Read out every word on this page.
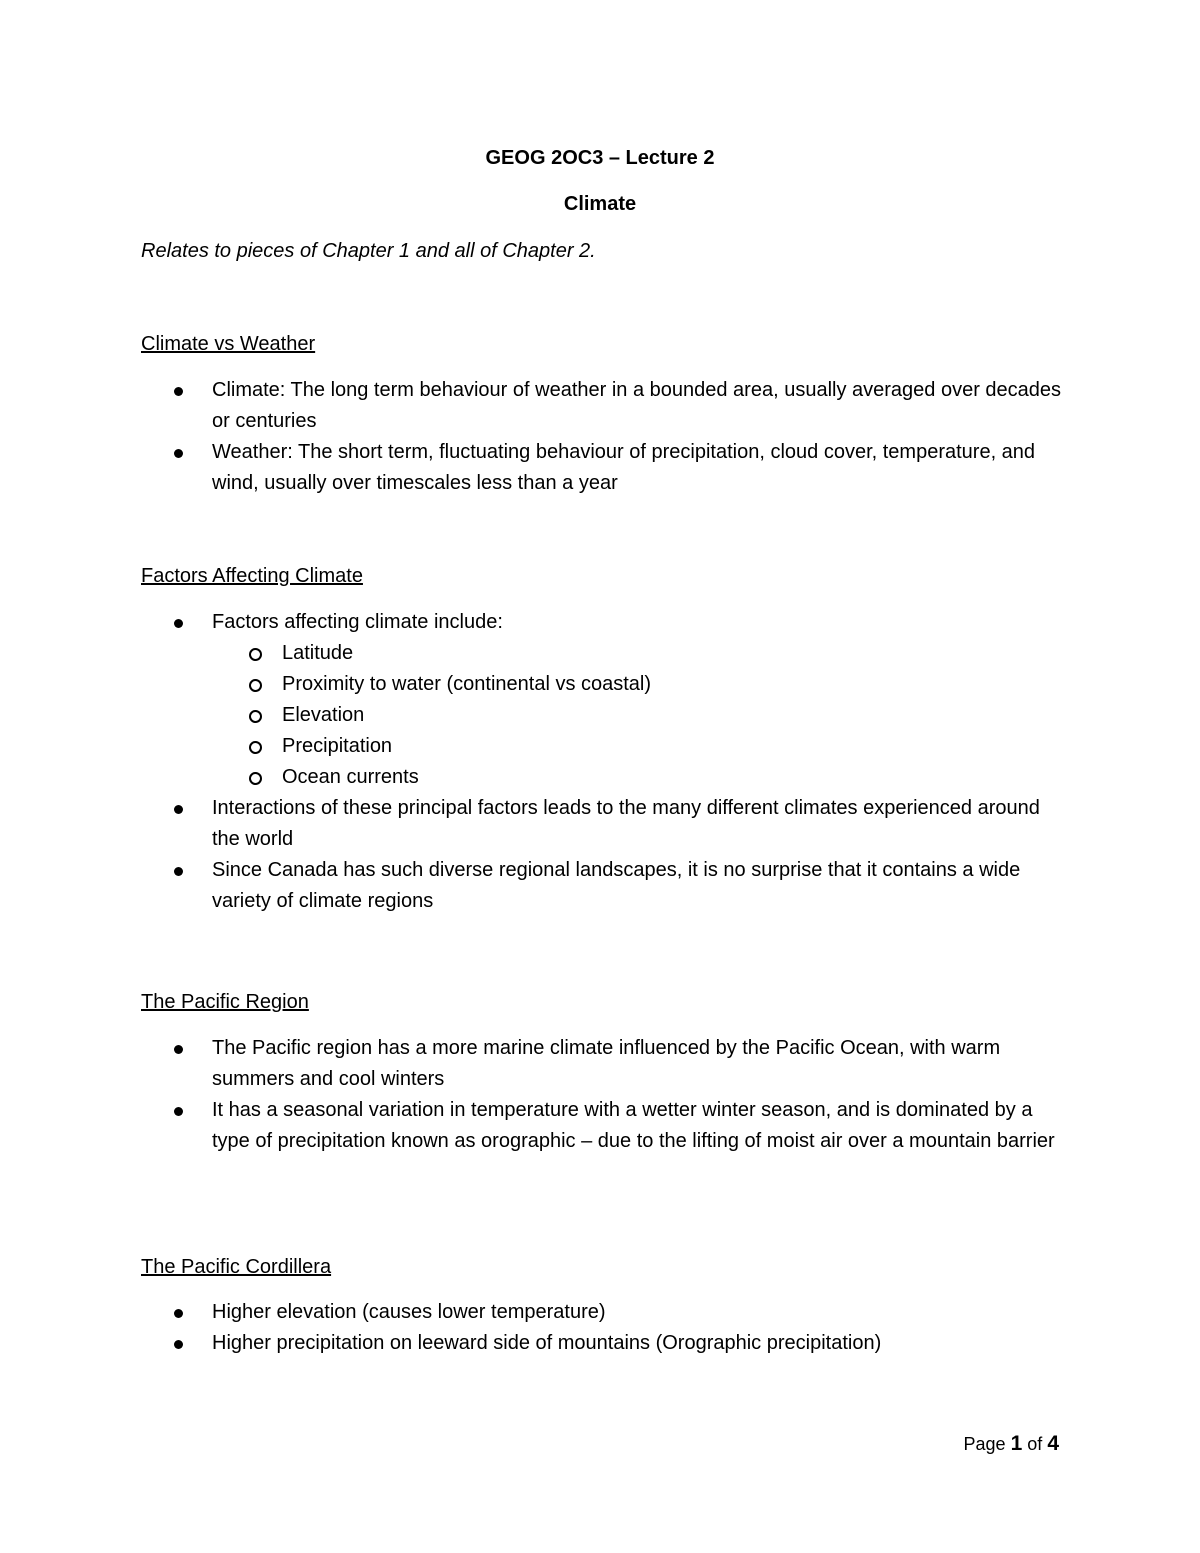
GEOG 2OC3 – Lecture 2
Climate
Relates to pieces of Chapter 1 and all of Chapter 2.
Climate vs Weather
Climate: The long term behaviour of weather in a bounded area, usually averaged over decades or centuries
Weather: The short term, fluctuating behaviour of precipitation, cloud cover, temperature, and wind, usually over timescales less than a year
Factors Affecting Climate
Factors affecting climate include:
Latitude
Proximity to water (continental vs coastal)
Elevation
Precipitation
Ocean currents
Interactions of these principal factors leads to the many different climates experienced around the world
Since Canada has such diverse regional landscapes, it is no surprise that it contains a wide variety of climate regions
The Pacific Region
The Pacific region has a more marine climate influenced by the Pacific Ocean, with warm summers and cool winters
It has a seasonal variation in temperature with a wetter winter season, and is dominated by a type of precipitation known as orographic – due to the lifting of moist air over a mountain barrier
The Pacific Cordillera
Higher elevation (causes lower temperature)
Higher precipitation on leeward side of mountains (Orographic precipitation)
Page 1 of 4
